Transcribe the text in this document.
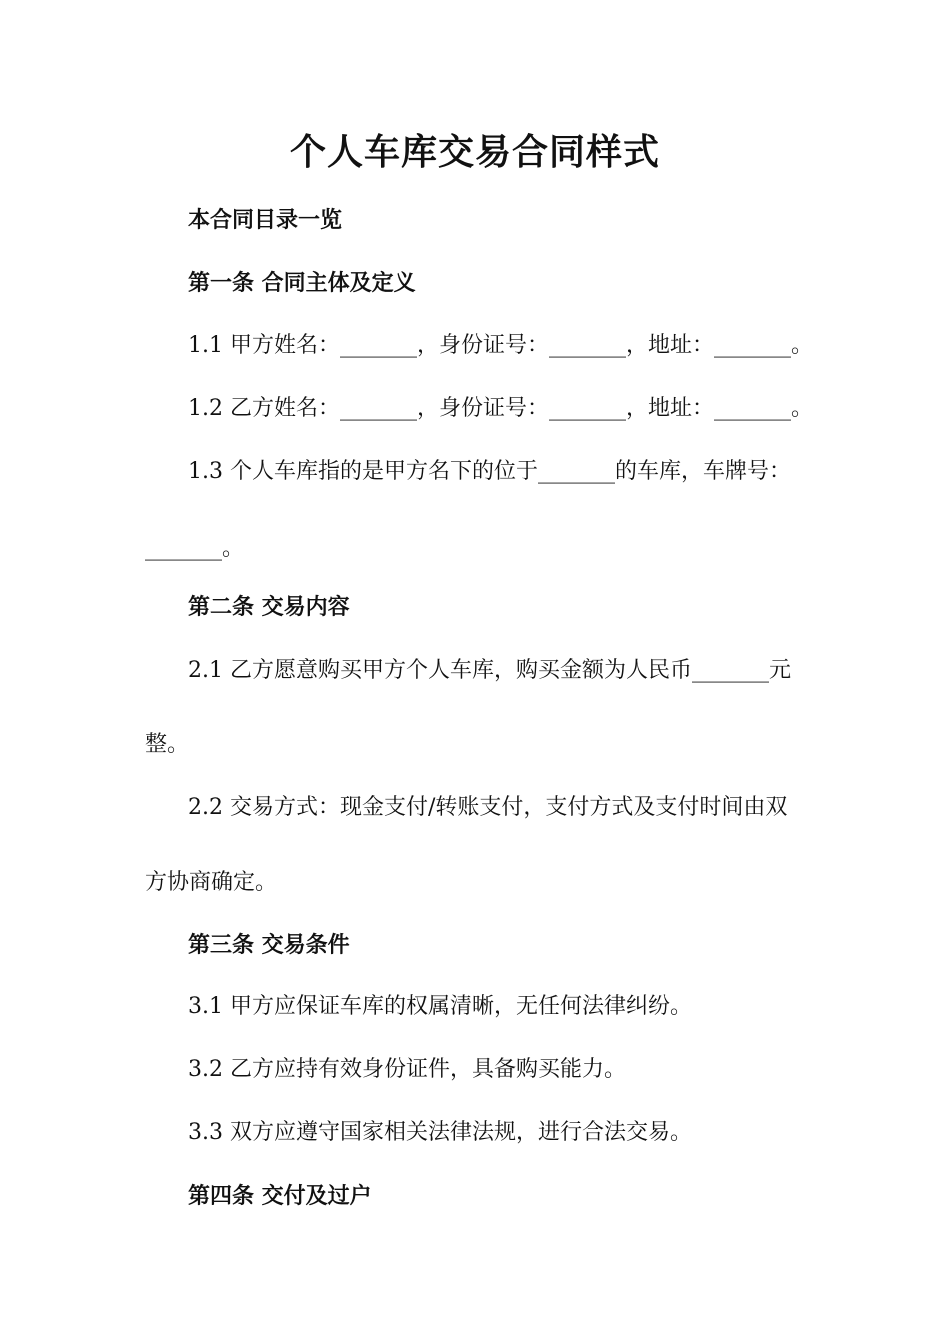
个人车库交易合同样式
本合同目录一览
第一条 合同主体及定义
1.1 甲方姓名：_______，身份证号：_______，地址：_______。
1.2 乙方姓名：_______，身份证号：_______，地址：_______。
1.3 个人车库指的是甲方名下的位于_______的车库，车牌号：
_______。
第二条 交易内容
2.1 乙方愿意购买甲方个人车库，购买金额为人民币_______元
整。
2.2 交易方式：现金支付/转账支付，支付方式及支付时间由双
方协商确定。
第三条 交易条件
3.1 甲方应保证车库的权属清晰，无任何法律纠纷。
3.2 乙方应持有效身份证件，具备购买能力。
3.3 双方应遵守国家相关法律法规，进行合法交易。
第四条 交付及过户
